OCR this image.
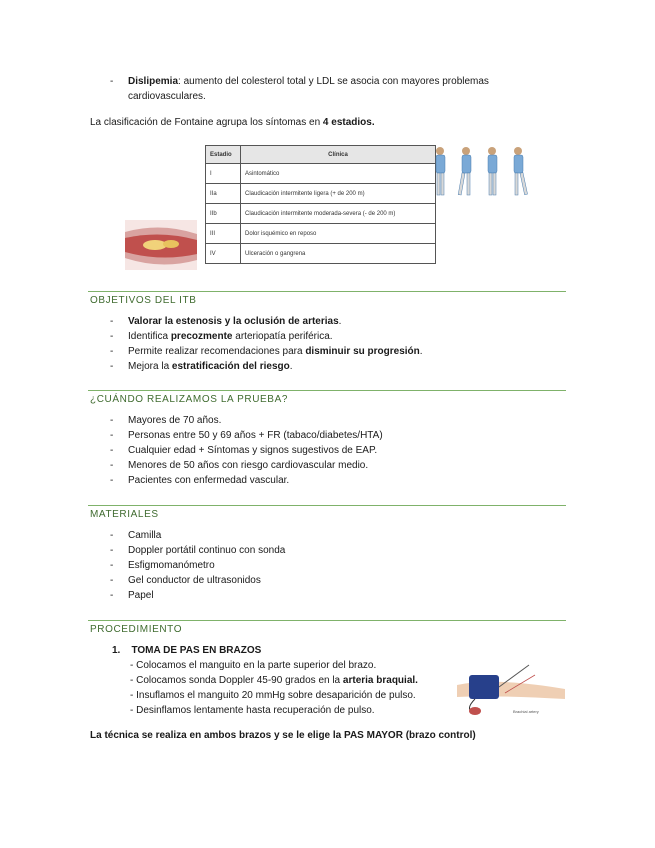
- Dislipemia: aumento del colesterol total y LDL se asocia con mayores problemas
cardiovasculares.

La clasificación de Fontaine agrupa los síntomas en 4 estadios.

Estadio	Clínica
I	Asintomático
IIa	Claudicación intermitente ligera (+ de 200 m)
IIb	Claudicación intermitente moderada-severa (- de 200 m)
III	Dolor isquémico en reposo
IV	Ulceración o gangrena

OBJETIVOS DEL ITB

- Valorar la estenosis y la oclusión de arterias.
- Identifica precozmente arteriopatía periférica.
- Permite realizar recomendaciones para disminuir su progresión.
- Mejora la estratificación del riesgo.

¿CUÁNDO REALIZAMOS LA PRUEBA?

- Mayores de 70 años.
- Personas entre 50 y 69 años + FR (tabaco/diabetes/HTA)
- Cualquier edad + Síntomas y signos sugestivos de EAP.
- Menores de 50 años con riesgo cardiovascular medio.
- Pacientes con enfermedad vascular.

MATERIALES

- Camilla
- Doppler portátil continuo con sonda
- Esfigmomanómetro
- Gel conductor de ultrasonidos
- Papel

PROCEDIMIENTO

1. TOMA DE PAS EN BRAZOS

- Colocamos el manguito en la parte superior del brazo.

- Colocamos sonda Doppler 45-90 grados en la arteria braquial.

- Insuflamos el manguito 20 mmHg sobre desaparición de pulso.

- Desinflamos lentamente hasta recuperación de pulso.	Brachial artery

La técnica se realiza en ambos brazos y se le elige la PAS MAYOR (brazo control)
